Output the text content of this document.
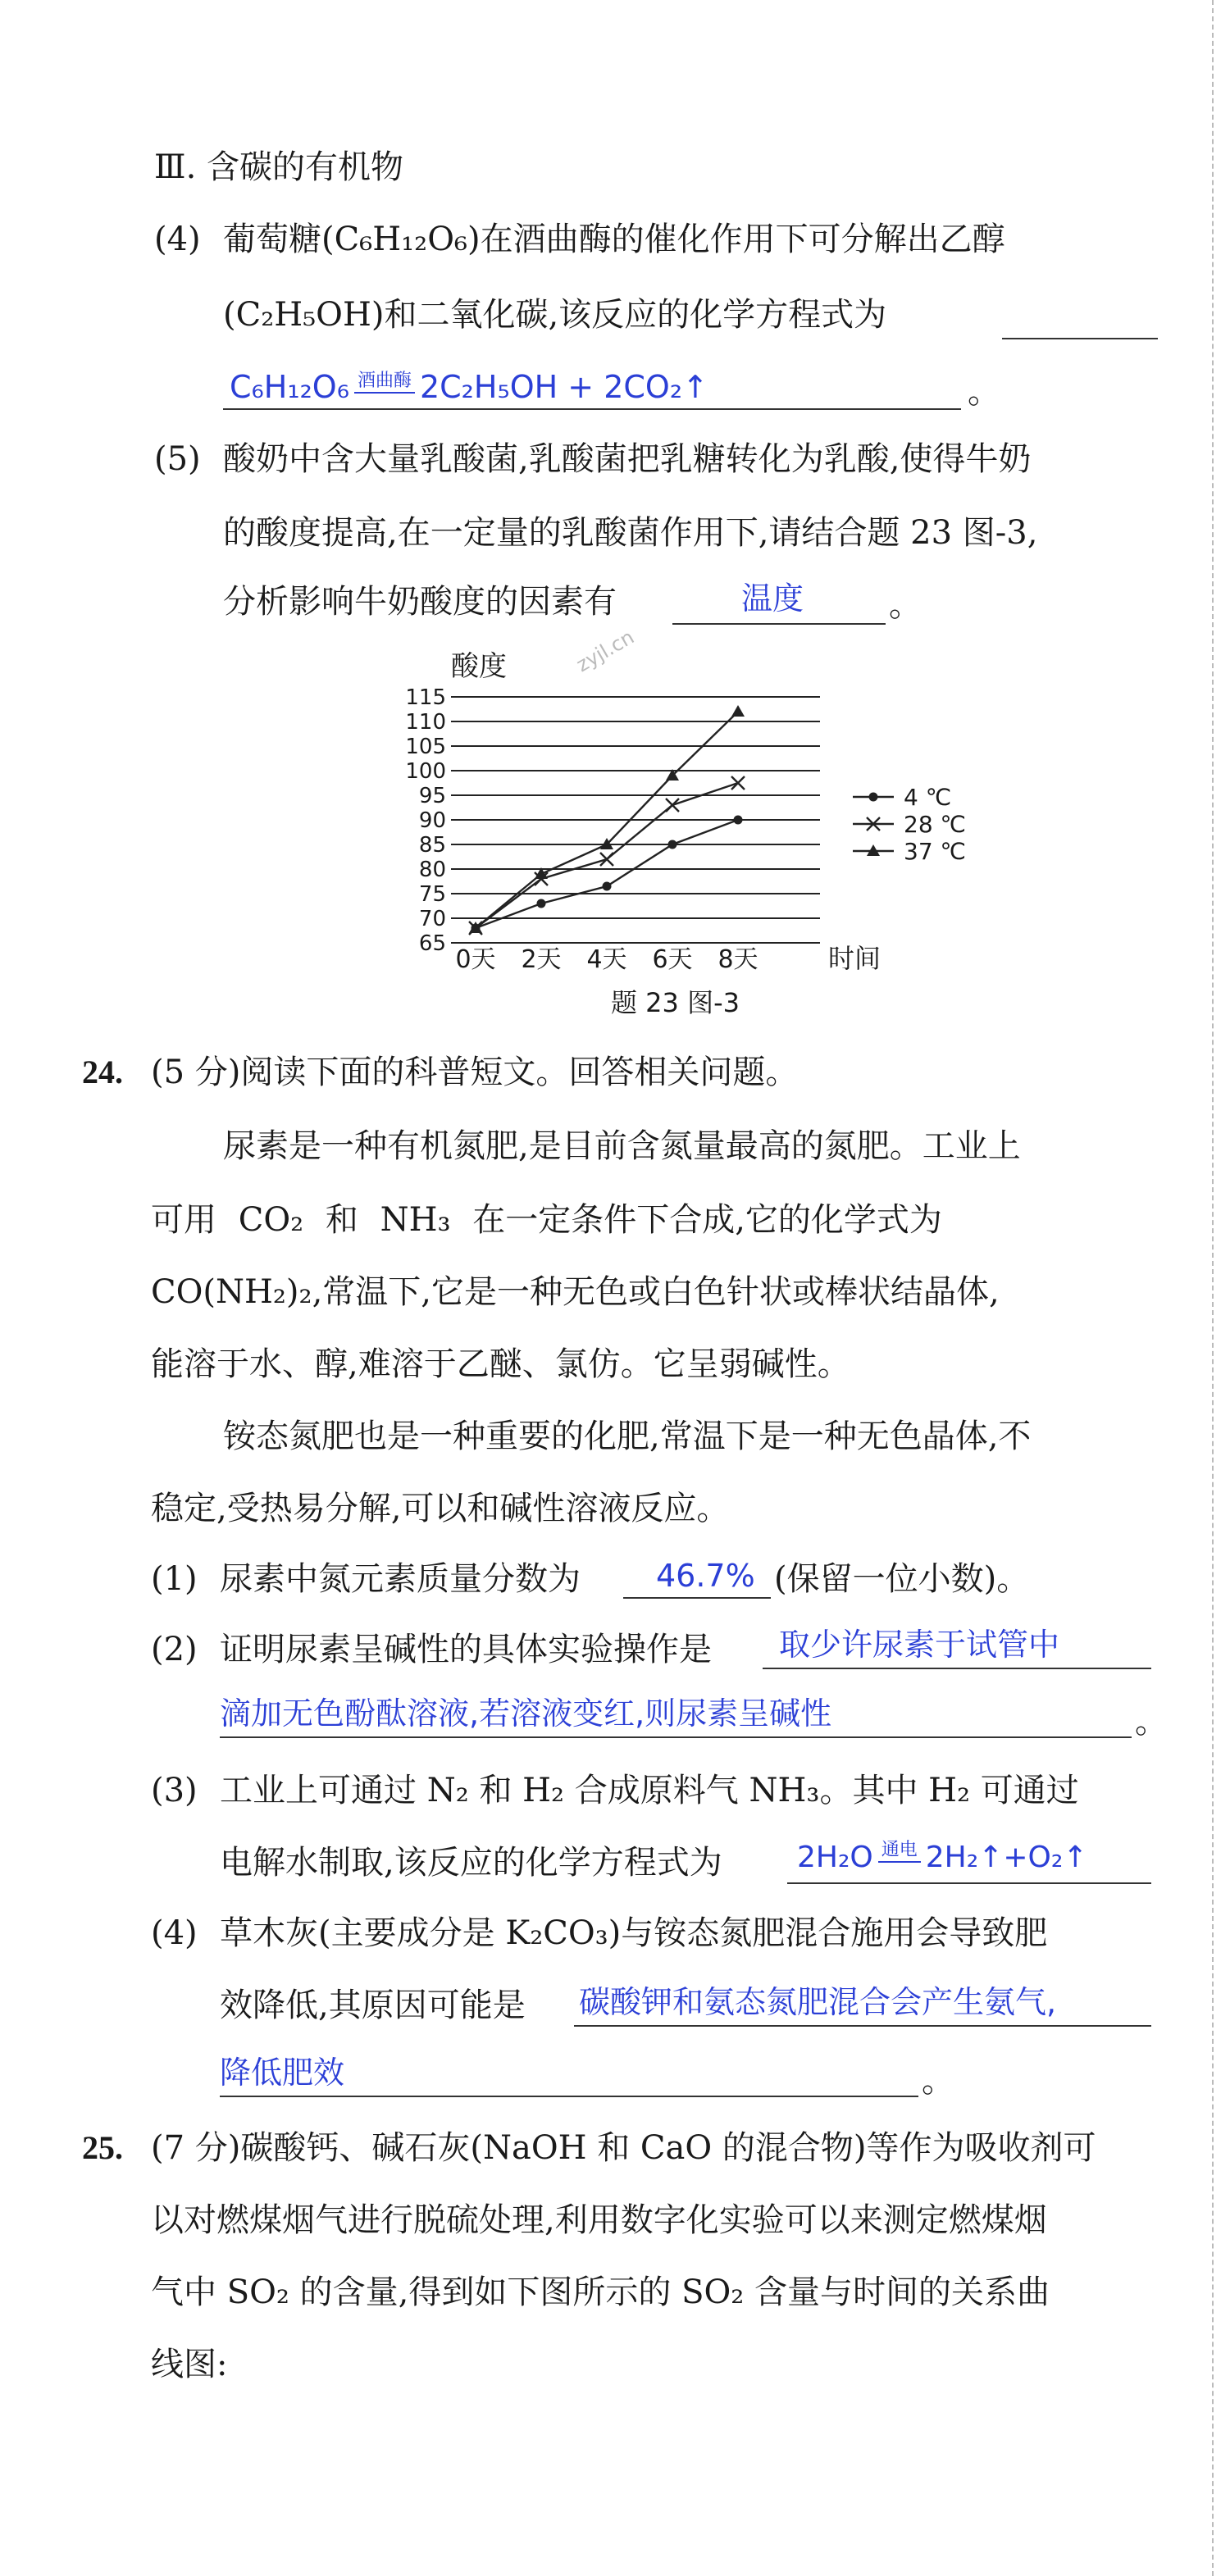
Ⅲ. 含碳的有机物
(4) 葡萄糖(C₆H₁₂O₆)在酒曲酶的催化作用下可分解出乙醇
(C₂H₅OH)和二氧化碳,该反应的化学方程式为
C₆H₁₂O₆ 酒曲酶 2C₂H₅OH + 2CO₂↑	。
(5) 酸奶中含大量乳酸菌,乳酸菌把乳糖转化为乳酸,使得牛奶
的酸度提高,在一定量的乳酸菌作用下,请结合题 23 图-3,
分析影响牛奶酸度的因素有	温度	。
zyjl.cn
酸度
115
110
105
100
95
90
85
80
75
70
65
0天 2天 4天 6天 8天	时间
4 ℃
28 ℃
37 ℃
题 23 图-3
24. (5 分)阅读下面的科普短文。回答相关问题。
尿素是一种有机氮肥,是目前含氮量最高的氮肥。工业上
可用 CO₂ 和 NH₃ 在一定条件下合成,它的化学式为
CO(NH₂)₂,常温下,它是一种无色或白色针状或棒状结晶体,
能溶于水、醇,难溶于乙醚、氯仿。它呈弱碱性。
铵态氮肥也是一种重要的化肥,常温下是一种无色晶体,不
稳定,受热易分解,可以和碱性溶液反应。
(1) 尿素中氮元素质量分数为 46.7% (保留一位小数)。
(2) 证明尿素呈碱性的具体实验操作是 取少许尿素于试管中
滴加无色酚酞溶液,若溶液变红,则尿素呈碱性	。
(3) 工业上可通过 N₂ 和 H₂ 合成原料气 NH₃。其中 H₂ 可通过
电解水制取,该反应的化学方程式为	2H₂O 通电 2H₂↑+O₂↑
(4) 草木灰(主要成分是 K₂CO₃)与铵态氮肥混合施用会导致肥
效降低,其原因可能是 碳酸钾和氨态氮肥混合会产生氨气,
降低肥效	。
25. (7 分)碳酸钙、碱石灰(NaOH 和 CaO 的混合物)等作为吸收剂可
以对燃煤烟气进行脱硫处理,利用数字化实验可以来测定燃煤烟
气中 SO₂ 的含量,得到如下图所示的 SO₂ 含量与时间的关系曲
线图:
